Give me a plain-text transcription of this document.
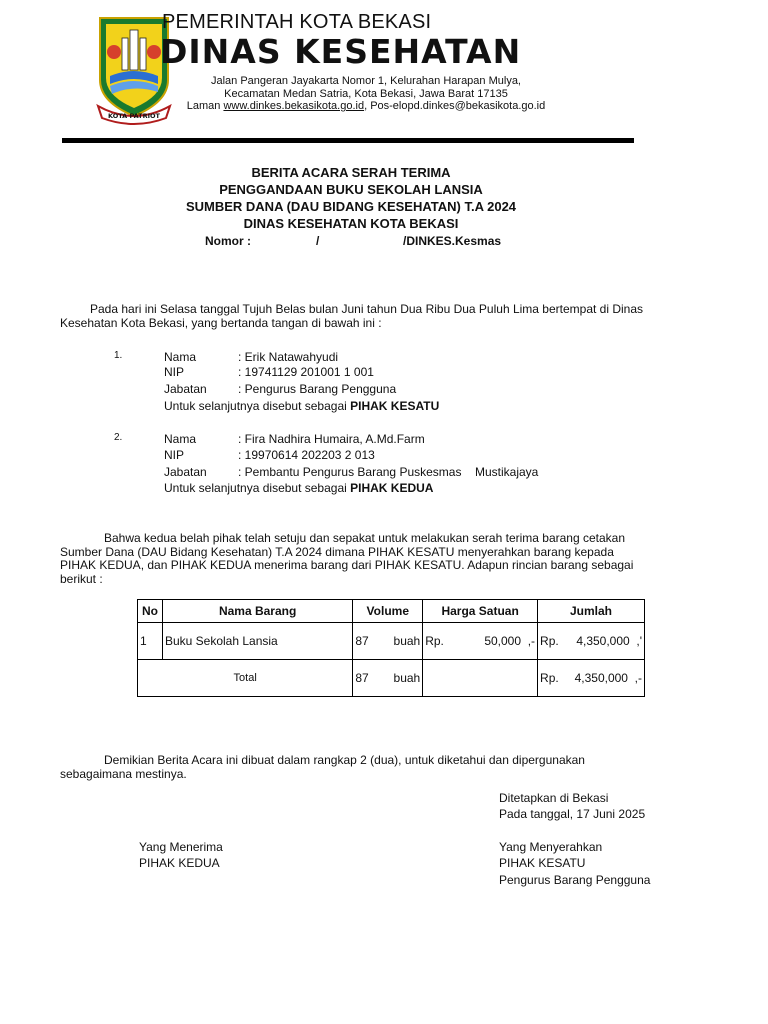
KOTA PATRIOT
PEMERINTAH KOTA BEKASI
DINAS KESEHATAN
Jalan Pangeran Jayakarta Nomor 1, Kelurahan Harapan Mulya,
Kecamatan Medan Satria, Kota Bekasi, Jawa Barat 17135
Laman www.dinkes.bekasikota.go.id, Pos-elopd.dinkes@bekasikota.go.id
BERITA ACARA SERAH TERIMA
PENGGANDAAN BUKU SEKOLAH LANSIA
SUMBER DANA (DAU BIDANG KESEHATAN) T.A 2024
DINAS KESEHATAN KOTA BEKASI
Nomor :	/	/DINKES.Kesmas
Pada hari ini Selasa tanggal Tujuh Belas bulan Juni tahun Dua Ribu Dua Puluh Lima bertempat di Dinas Kesehatan Kota Bekasi, yang bertanda tangan di bawah ini :
1.	Nama	: Erik Natawahyudi
NIP	: 19741129 201001 1 001
Jabatan	: Pengurus Barang Pengguna
Untuk selanjutnya disebut sebagai PIHAK KESATU
2.	Nama	: Fira Nadhira Humaira, A.Md.Farm
NIP	: 19970614 202203 2 013
Jabatan	: Pembantu Pengurus Barang Puskesmas Mustikajaya
Untuk selanjutnya disebut sebagai PIHAK KEDUA
Bahwa kedua belah pihak telah setuju dan sepakat untuk melakukan serah terima barang cetakan Sumber Dana (DAU Bidang Kesehatan) T.A 2024 dimana PIHAK KESATU menyerahkan barang kepada PIHAK KEDUA, dan PIHAK KEDUA menerima barang dari PIHAK KESATU. Adapun rincian barang sebagai berikut :
No	Nama Barang	Volume	Harga Satuan	Jumlah
1	Buku Sekolah Lansia	87 buah	Rp. 50,000 ,-	Rp. 4,350,000 ,'

Total		87 buah		Rp. 4,350,000 ,-
Demikian Berita Acara ini dibuat dalam rangkap 2 (dua), untuk diketahui dan dipergunakan sebagaimana mestinya.
Ditetapkan di Bekasi
Pada tanggal, 17 Juni 2025
Yang Menerima
PIHAK KEDUA
Yang Menyerahkan
PIHAK KESATU
Pengurus Barang Pengguna
